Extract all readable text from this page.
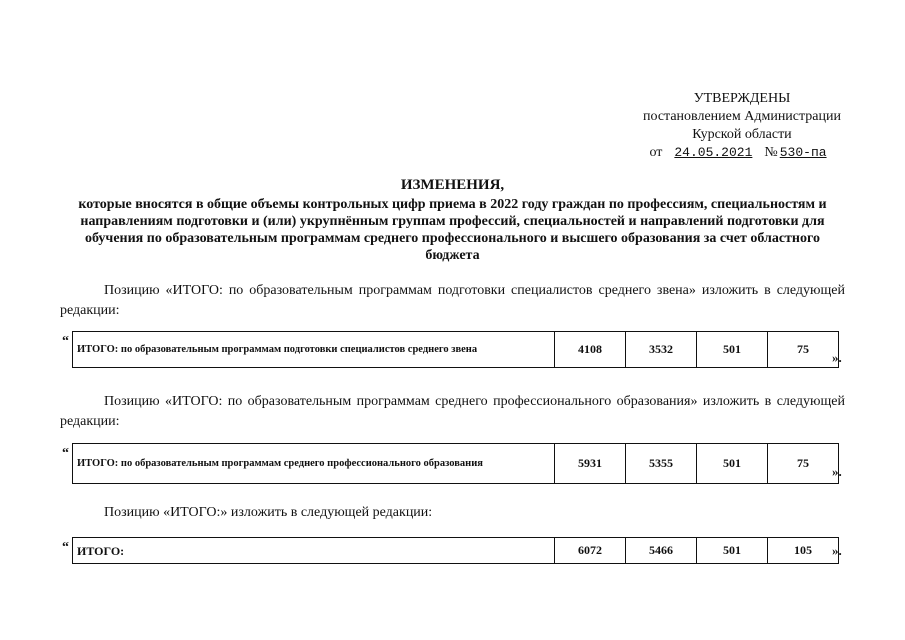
УТВЕРЖДЕНЫ
постановлением Администрации
Курской области
от 24.05.2021 № 530-па
ИЗМЕНЕНИЯ,
которые вносятся в общие объемы контрольных цифр приема в 2022 году граждан по профессиям, специальностям и направлениям подготовки и (или) укрупнённым группам профессий, специальностей и направлений подготовки для обучения по образовательным программам среднего профессионального и высшего образования за счет областного бюджета
Позицию «ИТОГО: по образовательным программам подготовки специалистов среднего звена» изложить в следующей редакции:
“ ИТОГО: по образовательным программам подготовки специалистов среднего звена	4108	3532	501	75
».
Позицию «ИТОГО: по образовательным программам среднего профессионального образования» изложить в следующей редакции:
“
ИТОГО: по образовательным программам среднего профессионального образования	5931	5355	501	75
».
Позицию «ИТОГО:» изложить в следующей редакции:
“ ИТОГО:	6072	5466	501	105 ».
